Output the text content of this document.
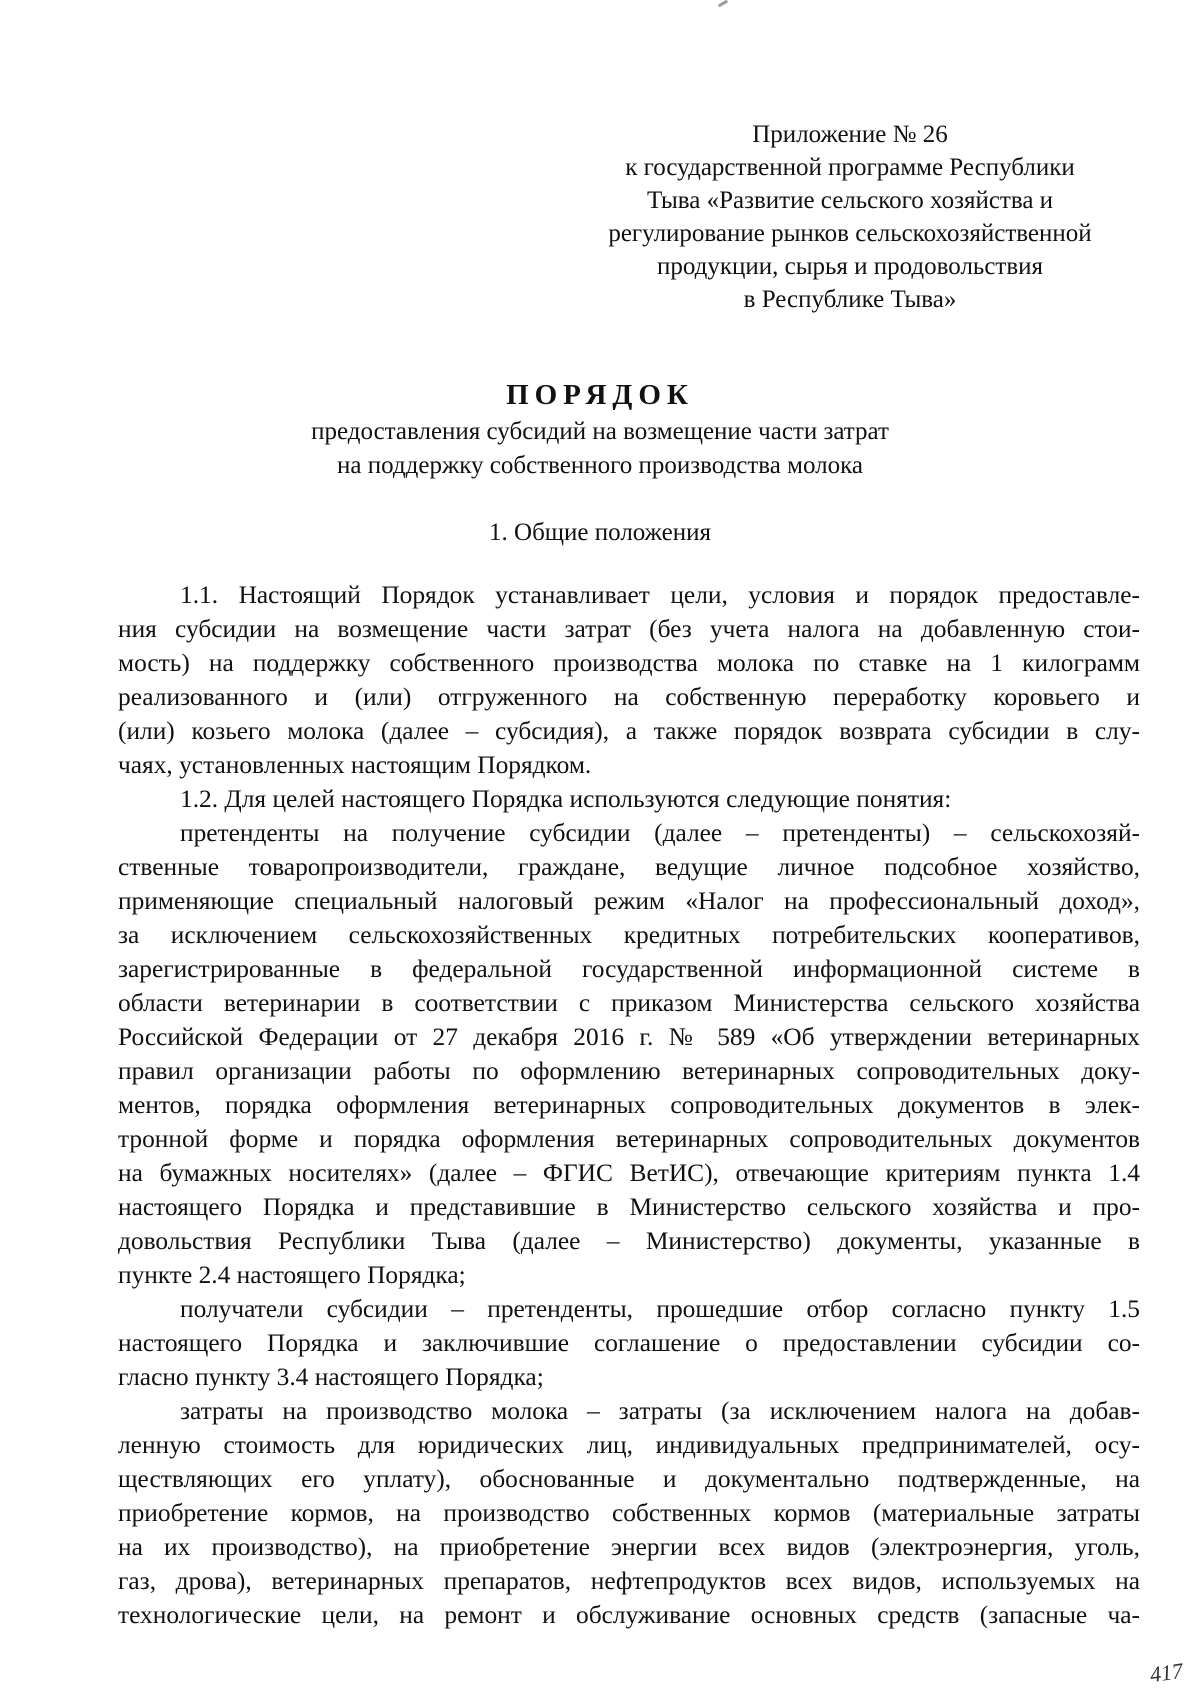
Приложение № 26
к государственной программе Республики
Тыва «Развитие сельского хозяйства и
регулирование рынков сельскохозяйственной
продукции, сырья и продовольствия
в Республике Тыва»
ПОРЯДОК
предоставления субсидий на возмещение части затрат
на поддержку собственного производства молока
1. Общие положения
1.1. Настоящий Порядок устанавливает цели, условия и порядок предоставле-
ния субсидии на возмещение части затрат (без учета налога на добавленную стои-
мость) на поддержку собственного производства молока по ставке на 1 килограмм
реализованного и (или) отгруженного на собственную переработку коровьего и
(или) козьего молока (далее – субсидия), а также порядок возврата субсидии в слу-
чаях, установленных настоящим Порядком.
1.2. Для целей настоящего Порядка используются следующие понятия:
претенденты на получение субсидии (далее – претенденты) – сельскохозяй-
ственные товаропроизводители, граждане, ведущие личное подсобное хозяйство,
применяющие специальный налоговый режим «Налог на профессиональный доход»,
за исключением сельскохозяйственных кредитных потребительских кооперативов,
зарегистрированные в федеральной государственной информационной системе в
области ветеринарии в соответствии с приказом Министерства сельского хозяйства
Российской Федерации от 27 декабря 2016 г. № 589 «Об утверждении ветеринарных
правил организации работы по оформлению ветеринарных сопроводительных доку-
ментов, порядка оформления ветеринарных сопроводительных документов в элек-
тронной форме и порядка оформления ветеринарных сопроводительных документов
на бумажных носителях» (далее – ФГИС ВетИС), отвечающие критериям пункта 1.4
настоящего Порядка и представившие в Министерство сельского хозяйства и про-
довольствия Республики Тыва (далее – Министерство) документы, указанные в
пункте 2.4 настоящего Порядка;
получатели субсидии – претенденты, прошедшие отбор согласно пункту 1.5
настоящего Порядка и заключившие соглашение о предоставлении субсидии со-
гласно пункту 3.4 настоящего Порядка;
затраты на производство молока – затраты (за исключением налога на добав-
ленную стоимость для юридических лиц, индивидуальных предпринимателей, осу-
ществляющих его уплату), обоснованные и документально подтвержденные, на
приобретение кормов, на производство собственных кормов (материальные затраты
на их производство), на приобретение энергии всех видов (электроэнергия, уголь,
газ, дрова), ветеринарных препаратов, нефтепродуктов всех видов, используемых на
технологические цели, на ремонт и обслуживание основных средств (запасные ча-
417
